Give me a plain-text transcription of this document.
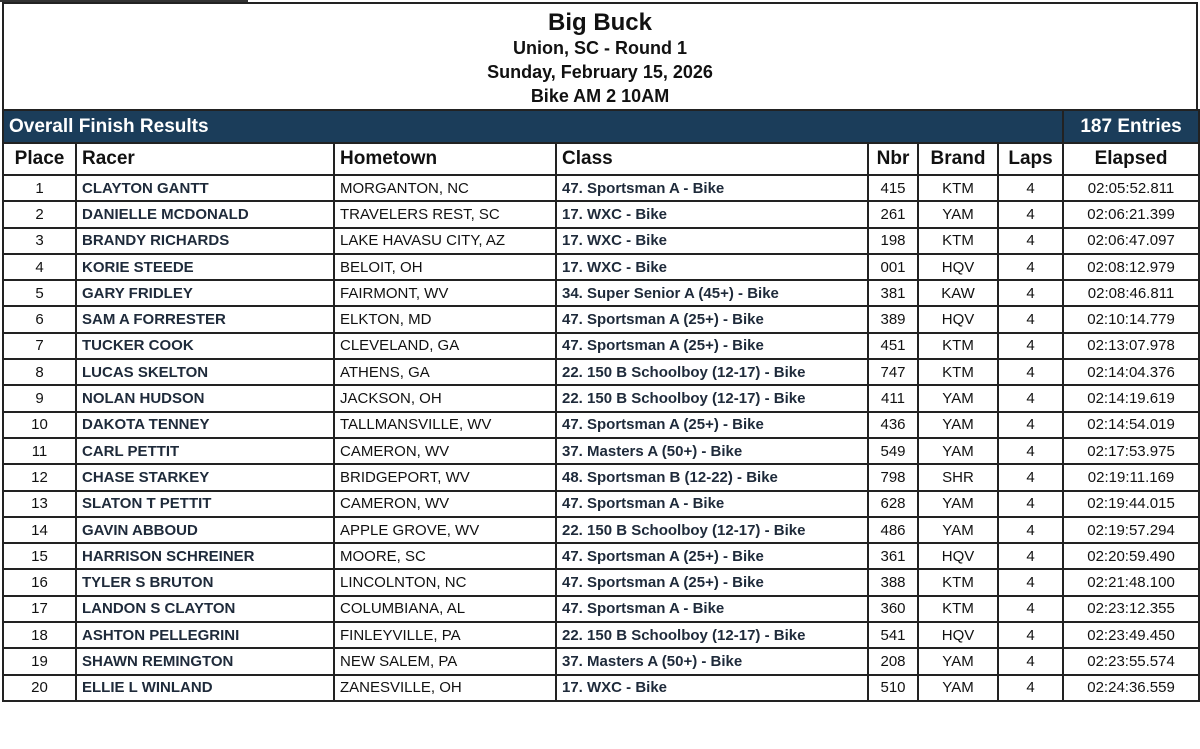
Big Buck
Union, SC - Round 1
Sunday, February 15, 2026
Bike AM 2 10AM
Overall Finish Results							187 Entries
Place	Racer	Hometown	Class	Nbr	Brand	Laps	Elapsed
1	CLAYTON GANTT	MORGANTON, NC	47. Sportsman A - Bike	415	KTM	4	02:05:52.811
2	DANIELLE MCDONALD	TRAVELERS REST, SC	17. WXC - Bike	261	YAM	4	02:06:21.399
3	BRANDY RICHARDS	LAKE HAVASU CITY, AZ	17. WXC - Bike	198	KTM	4	02:06:47.097
4	KORIE STEEDE	BELOIT, OH	17. WXC - Bike	001	HQV	4	02:08:12.979
5	GARY FRIDLEY	FAIRMONT, WV	34. Super Senior A (45+) - Bike	381	KAW	4	02:08:46.811
6	SAM A FORRESTER	ELKTON, MD	47. Sportsman A (25+) - Bike	389	HQV	4	02:10:14.779
7	TUCKER COOK	CLEVELAND, GA	47. Sportsman A (25+) - Bike	451	KTM	4	02:13:07.978
8	LUCAS SKELTON	ATHENS, GA	22. 150 B Schoolboy (12-17) - Bike	747	KTM	4	02:14:04.376
9	NOLAN HUDSON	JACKSON, OH	22. 150 B Schoolboy (12-17) - Bike	411	YAM	4	02:14:19.619
10	DAKOTA TENNEY	TALLMANSVILLE, WV	47. Sportsman A (25+) - Bike	436	YAM	4	02:14:54.019
11	CARL PETTIT	CAMERON, WV	37. Masters A (50+) - Bike	549	YAM	4	02:17:53.975
12	CHASE STARKEY	BRIDGEPORT, WV	48. Sportsman B (12-22) - Bike	798	SHR	4	02:19:11.169
13	SLATON T PETTIT	CAMERON, WV	47. Sportsman A - Bike	628	YAM	4	02:19:44.015
14	GAVIN ABBOUD	APPLE GROVE, WV	22. 150 B Schoolboy (12-17) - Bike	486	YAM	4	02:19:57.294
15	HARRISON SCHREINER	MOORE, SC	47. Sportsman A (25+) - Bike	361	HQV	4	02:20:59.490
16	TYLER S BRUTON	LINCOLNTON, NC	47. Sportsman A (25+) - Bike	388	KTM	4	02:21:48.100
17	LANDON S CLAYTON	COLUMBIANA, AL	47. Sportsman A - Bike	360	KTM	4	02:23:12.355
18	ASHTON PELLEGRINI	FINLEYVILLE, PA	22. 150 B Schoolboy (12-17) - Bike	541	HQV	4	02:23:49.450
19	SHAWN REMINGTON	NEW SALEM, PA	37. Masters A (50+) - Bike	208	YAM	4	02:23:55.574
20	ELLIE L WINLAND	ZANESVILLE, OH	17. WXC - Bike	510	YAM	4	02:24:36.559
